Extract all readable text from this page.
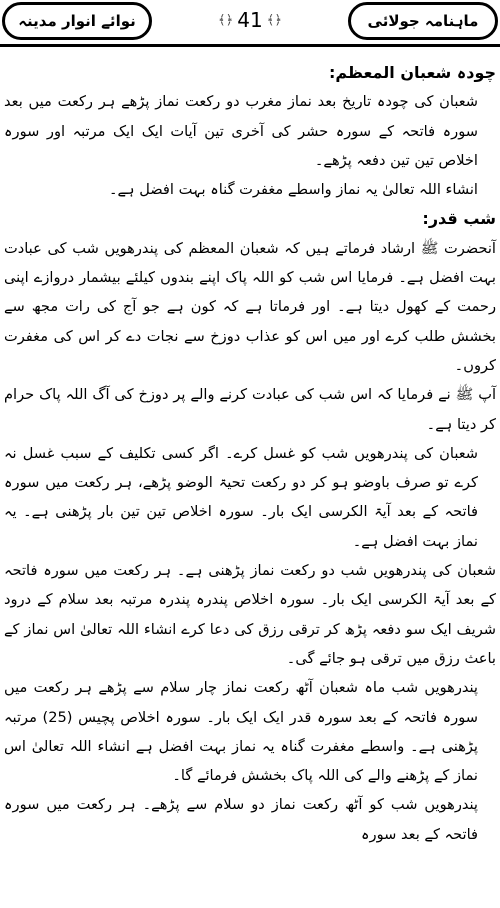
نوائے انوار مدینہ	﴾﴿ 41 ﴾﴿	ماہنامہ جولائی

چودہ شعبان المعظم:

شعبان کی چودہ تاریخ بعد نماز مغرب دو رکعت نماز پڑھے ہر رکعت میں بعد سورہ فاتحہ کے سورہ حشر کی آخری تین آیات ایک ایک مرتبہ اور سورہ اخلاص تین تین دفعہ پڑھے۔

انشاء اللہ تعالیٰ یہ نماز واسطے مغفرت گناہ بہت افضل ہے۔

شب قدر:

آنحضرت ﷺ ارشاد فرماتے ہیں کہ شعبان المعظم کی پندرھویں شب کی عبادت بہت افضل ہے۔ فرمایا اس شب کو اللہ پاک اپنے بندوں کیلئے بیشمار دروازے اپنی رحمت کے کھول دیتا ہے۔ اور فرماتا ہے کہ کون ہے جو آج کی رات مجھ سے بخشش طلب کرے اور میں اس کو عذاب دوزخ سے نجات دے کر اس کی مغفرت کروں۔

آپ ﷺ نے فرمایا کہ اس شب کی عبادت کرنے والے پر دوزخ کی آگ اللہ پاک حرام کر دیتا ہے۔

شعبان کی پندرھویں شب کو غسل کرے۔ اگر کسی تکلیف کے سبب غسل نہ کرے تو صرف باوضو ہو کر دو رکعت تحیۃ الوضو پڑھے، ہر رکعت میں سورہ فاتحہ کے بعد آیۃ الکرسی ایک بار۔ سورہ اخلاص تین تین بار پڑھنی ہے۔ یہ نماز بہت افضل ہے۔

شعبان کی پندرھویں شب دو رکعت نماز پڑھنی ہے۔ ہر رکعت میں سورہ فاتحہ کے بعد آیۃ الکرسی ایک بار۔ سورہ اخلاص پندرہ پندرہ مرتبہ بعد سلام کے درود شریف ایک سو دفعہ پڑھ کر ترقی رزق کی دعا کرے انشاء اللہ تعالیٰ اس نماز کے باعث رزق میں ترقی ہو جائے گی۔

پندرھویں شب ماہ شعبان آٹھ رکعت نماز چار سلام سے پڑھے ہر رکعت میں سورہ فاتحہ کے بعد سورہ قدر ایک ایک بار۔ سورہ اخلاص پچیس (25) مرتبہ پڑھنی ہے۔ واسطے مغفرت گناہ یہ نماز بہت افضل ہے انشاء اللہ تعالیٰ اس نماز کے پڑھنے والے کی اللہ پاک بخشش فرمائے گا۔

پندرھویں شب کو آٹھ رکعت نماز دو سلام سے پڑھے۔ ہر رکعت میں سورہ فاتحہ کے بعد سورہ
